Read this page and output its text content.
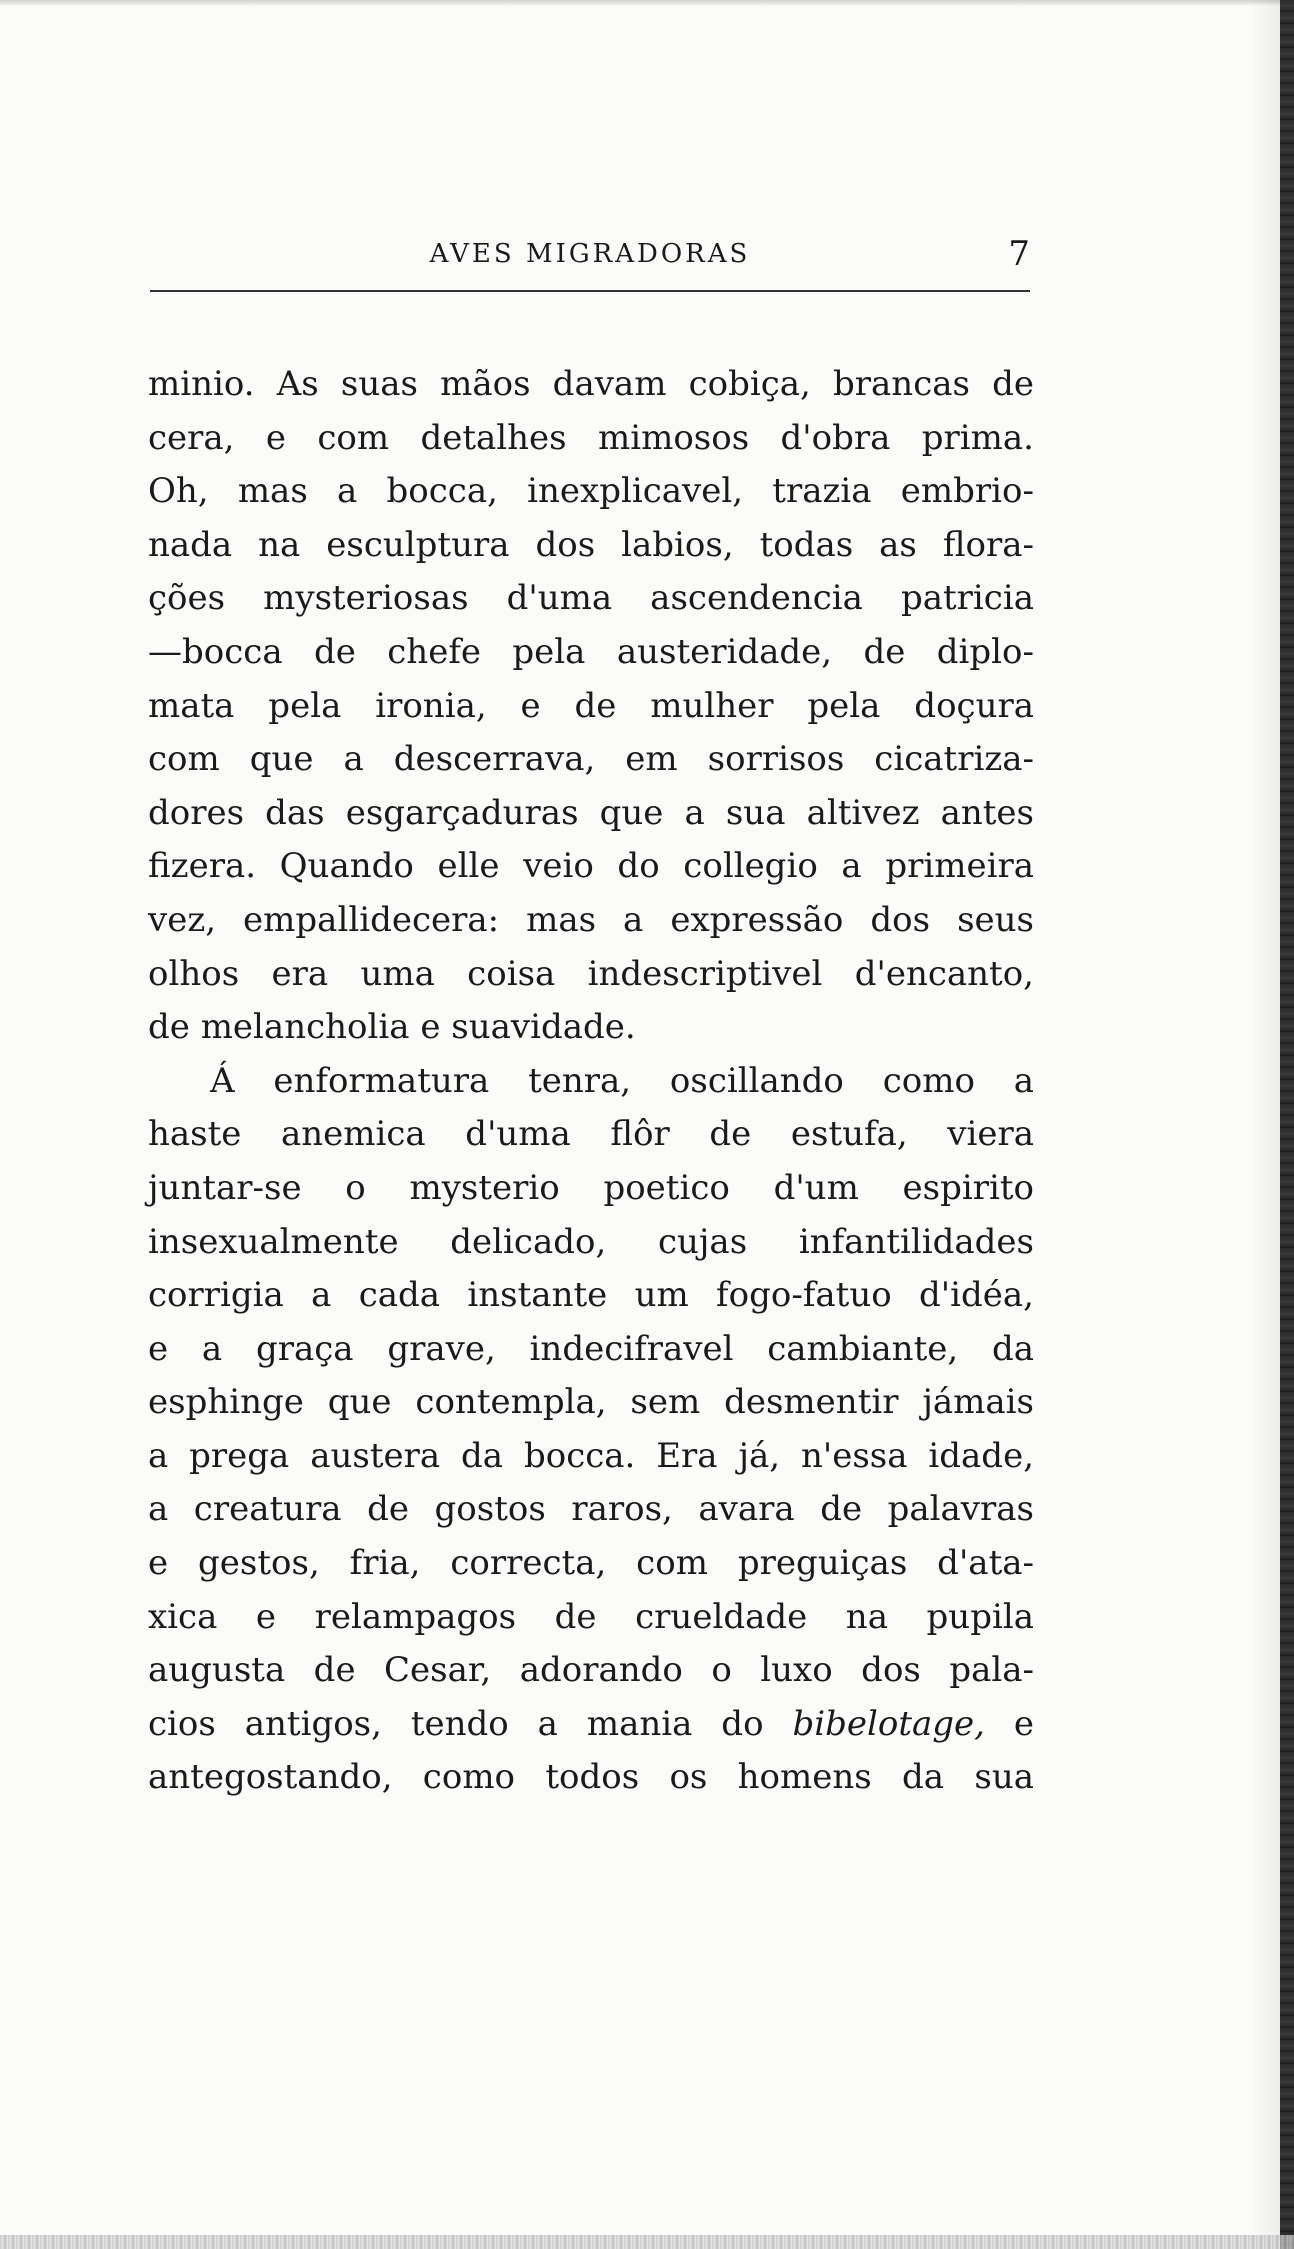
AVES MIGRADORAS	7
minio. As suas mãos davam cobiça, brancas de
cera, e com detalhes mimosos d'obra prima.
Oh, mas a bocca, inexplicavel, trazia embrio-
nada na esculptura dos labios, todas as flora-
ções mysteriosas d'uma ascendencia patricia
—bocca de chefe pela austeridade, de diplo-
mata pela ironia, e de mulher pela doçura
com que a descerrava, em sorrisos cicatriza-
dores das esgarçaduras que a sua altivez antes
fizera. Quando elle veio do collegio a primeira
vez, empallidecera: mas a expressão dos seus
olhos era uma coisa indescriptivel d'encanto,
de melancholia e suavidade.
Á enformatura tenra, oscillando como a
haste anemica d'uma flôr de estufa, viera
juntar-se o mysterio poetico d'um espirito
insexualmente delicado, cujas infantilidades
corrigia a cada instante um fogo-fatuo d'idéa,
e a graça grave, indecifravel cambiante, da
esphinge que contempla, sem desmentir jámais
a prega austera da bocca. Era já, n'essa idade,
a creatura de gostos raros, avara de palavras
e gestos, fria, correcta, com preguiças d'ata-
xica e relampagos de crueldade na pupila
augusta de Cesar, adorando o luxo dos pala-
cios antigos, tendo a mania do bibelotage, e
antegostando, como todos os homens da sua
